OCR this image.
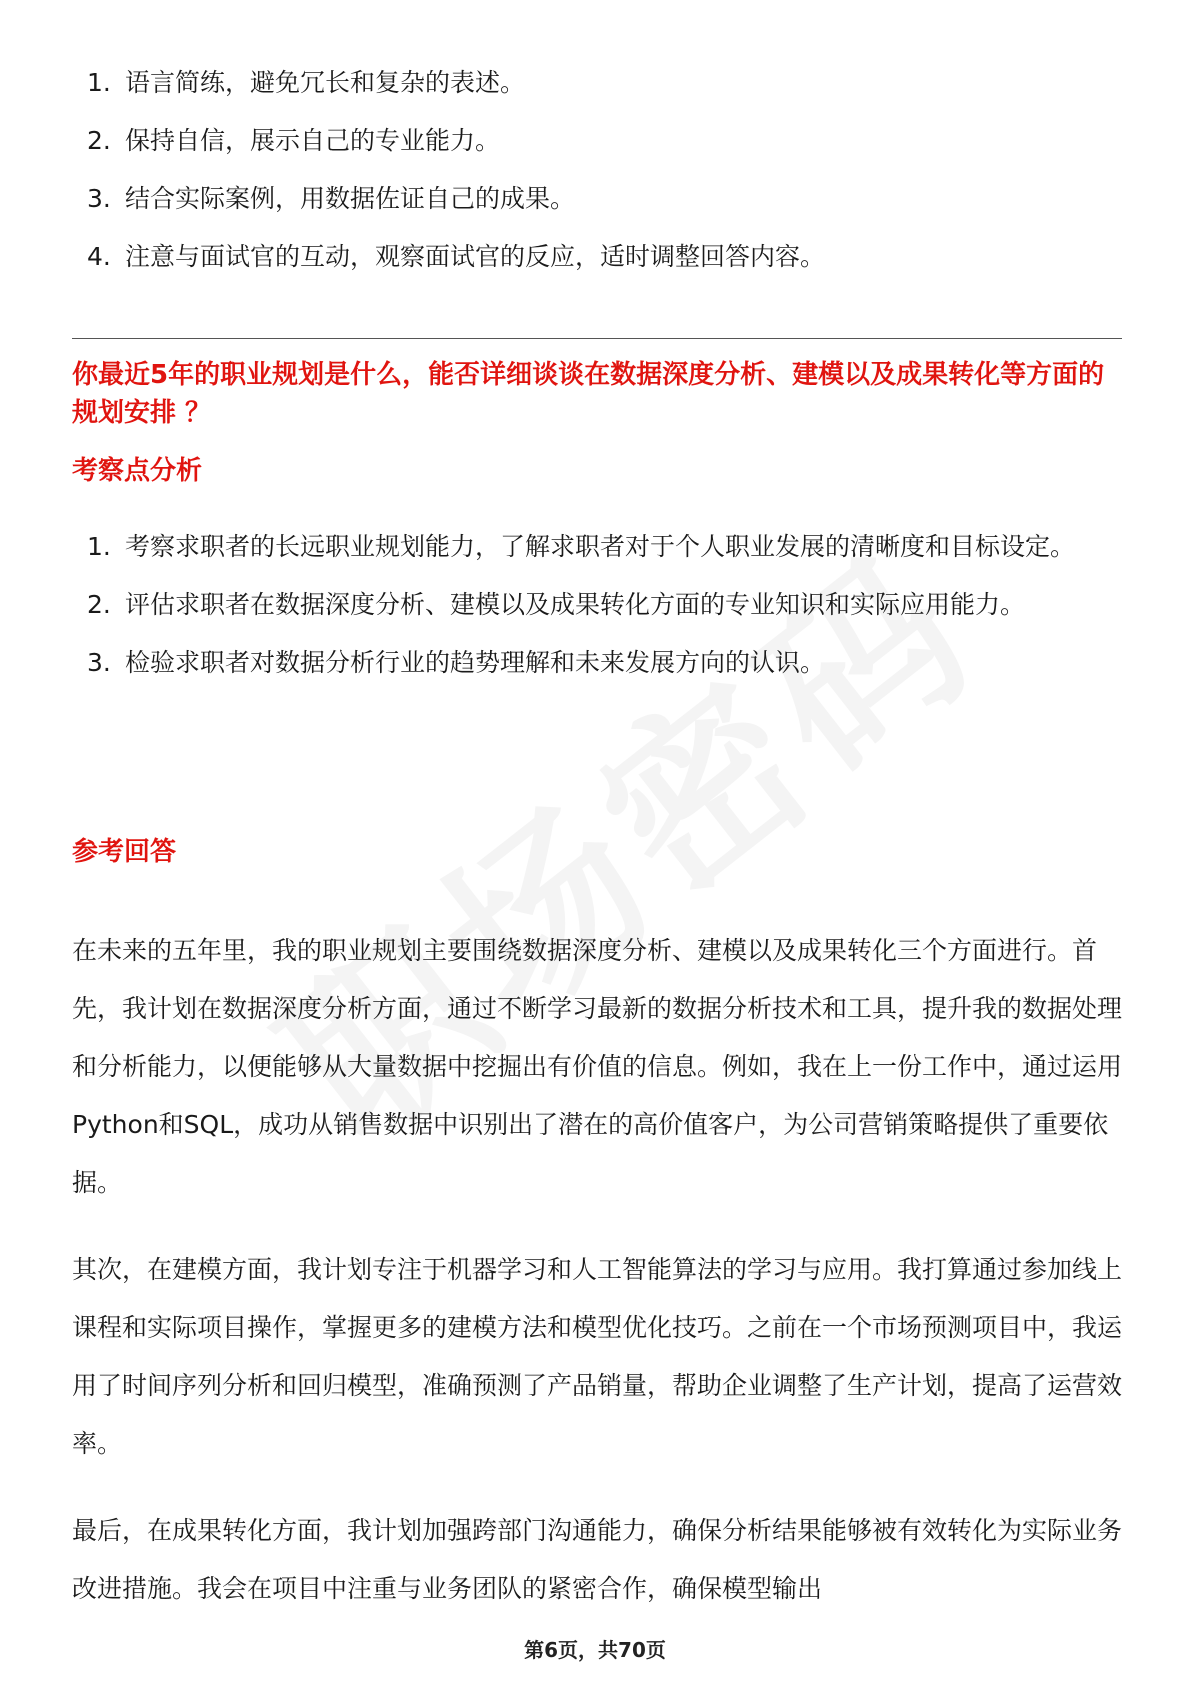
1. 语言简练，避免冗长和复杂的表述。
2. 保持自信，展示自己的专业能力。
3. 结合实际案例，用数据佐证自己的成果。
4. 注意与面试官的互动，观察面试官的反应，适时调整回答内容。
你最近5年的职业规划是什么，能否详细谈谈在数据深度分析、建模以及成果转化等方面的规划安排 ？
考察点分析
1. 考察求职者的长远职业规划能力，了解求职者对于个人职业发展的清晰度和目标设定。
2. 评估求职者在数据深度分析、建模以及成果转化方面的专业知识和实际应用能力。
3. 检验求职者对数据分析行业的趋势理解和未来发展方向的认识。
参考回答

在未来的五年里，我的职业规划主要围绕数据深度分析、建模以及成果转化三个方面进行。首先，我计划在数据深度分析方面，通过不断学习最新的数据分析技术和工具，提升我的数据处理和分析能力，以便能够从大量数据中挖掘出有价值的信息。例如，我在上一份工作中，通过运用Python和SQL，成功从销售数据中识别出了潜在的高价值客户，为公司营销策略提供了重要依据。

其次，在建模方面，我计划专注于机器学习和人工智能算法的学习与应用。我打算通过参加线上课程和实际项目操作，掌握更多的建模方法和模型优化技巧。之前在一个市场预测项目中，我运用了时间序列分析和回归模型，准确预测了产品销量，帮助企业调整了生产计划，提高了运营效率。

最后，在成果转化方面，我计划加强跨部门沟通能力，确保分析结果能够被有效转化为实际业务改进措施。我会在项目中注重与业务团队的紧密合作，确保模型输出

第6页，共70页
